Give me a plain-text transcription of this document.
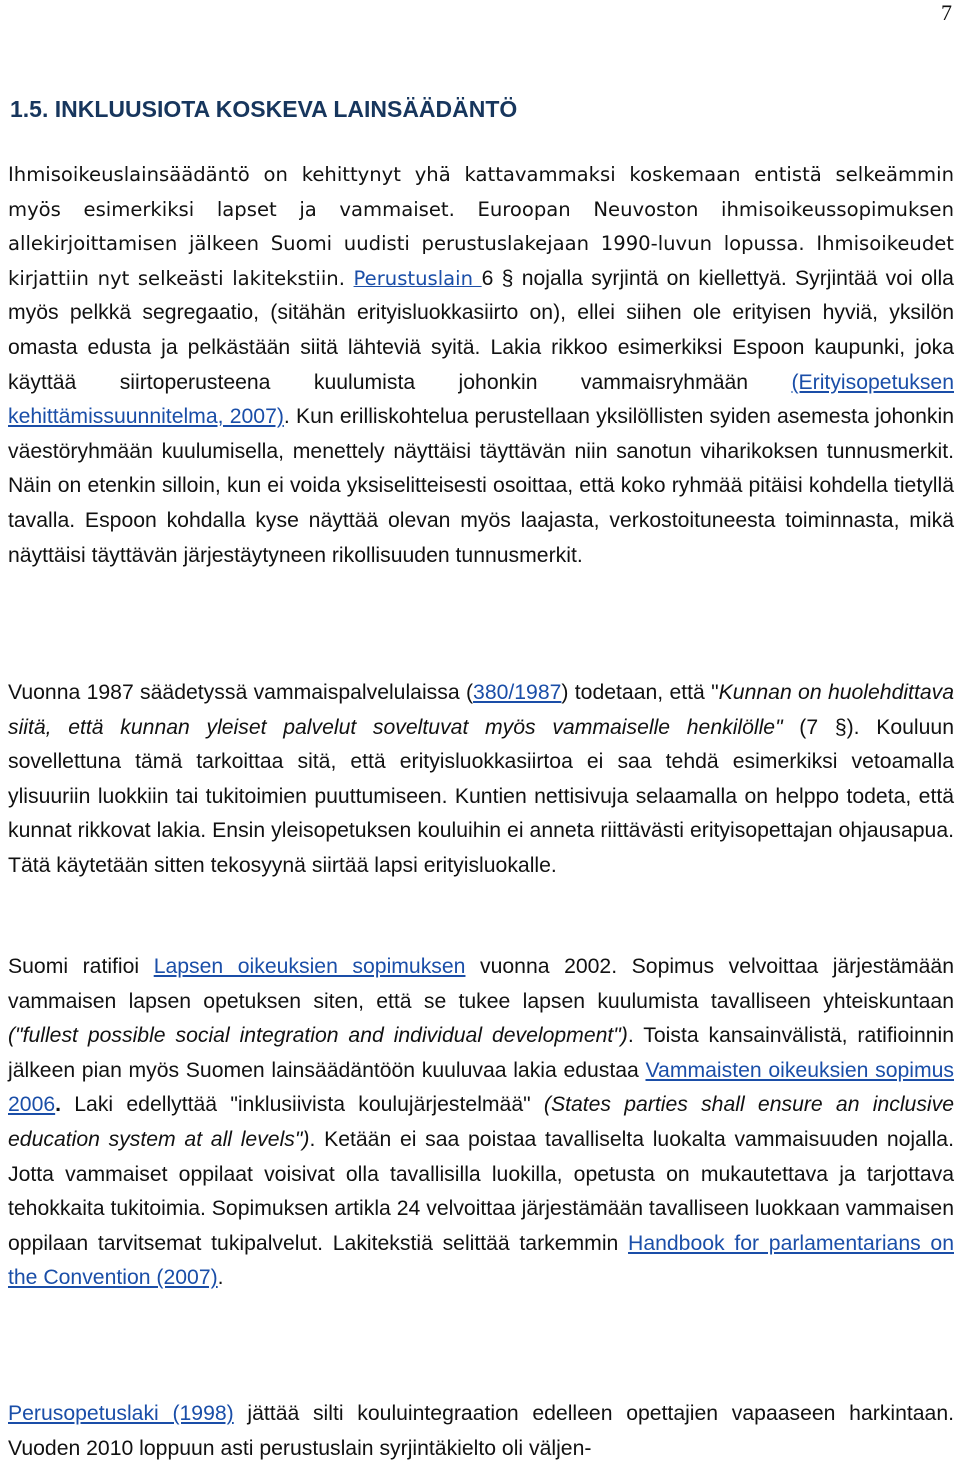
7
1.5. INKLUUSIOTA KOSKEVA LAINSÄÄDÄNTÖ

Ihmisoikeuslainsäädäntö on kehittynyt yhä kattavammaksi koskemaan entistä selkeämmin myös esimerkiksi lapset ja vammaiset. Euroopan Neuvoston ihmisoikeussopimuksen allekirjoittamisen jälkeen Suomi uudisti perustuslakejaan 1990-luvun lopussa. Ihmisoikeudet kirjattiin nyt selkeästi lakitekstiin. Perustuslain 6 § nojalla syrjintä on kiellettyä. Syrjintää voi olla myös pelkkä segregaatio, (sitähän erityisluokkasiirto on), ellei siihen ole erityisen hyviä, yksilön omasta edusta ja pelkästään siitä lähteviä syitä. Lakia rikkoo esimerkiksi Espoon kaupunki, joka käyttää siirtoperusteena kuulumista johonkin vammaisryhmään (Erityisopetuksen kehittämissuunnitelma, 2007). Kun erilliskohtelua perustellaan yksilöllisten syiden asemesta johonkin väestöryhmään kuulumisella, menettely näyttäisi täyttävän niin sanotun viharikoksen tunnusmerkit. Näin on etenkin silloin, kun ei voida yksiselitteisesti osoittaa, että koko ryhmää pitäisi kohdella tietyllä tavalla. Espoon kohdalla kyse näyttää olevan myös laajasta, verkostoituneesta toiminnasta, mikä näyttäisi täyttävän järjestäytyneen rikollisuuden tunnusmerkit.

Vuonna 1987 säädetyssä vammaispalvelulaissa (380/1987) todetaan, että "Kunnan on huolehdittava siitä, että kunnan yleiset palvelut soveltuvat myös vammaiselle henkilölle" (7 §). Kouluun sovellettuna tämä tarkoittaa sitä, että erityisluokkasiirtoa ei saa tehdä esimerkiksi vetoamalla ylisuuriin luokkiin tai tukitoimien puuttumiseen. Kuntien nettisivuja selaamalla on helppo todeta, että kunnat rikkovat lakia. Ensin yleisopetuksen kouluihin ei anneta riittävästi erityisopettajan ohjausapua. Tätä käytetään sitten tekosyynä siirtää lapsi erityisluokalle.

Suomi ratifioi Lapsen oikeuksien sopimuksen vuonna 2002. Sopimus velvoittaa järjestämään vammaisen lapsen opetuksen siten, että se tukee lapsen kuulumista tavalliseen yhteiskuntaan ("fullest possible social integration and individual development"). Toista kansainvälistä, ratifioinnin jälkeen pian myös Suomen lainsäädäntöön kuuluvaa lakia edustaa Vammaisten oikeuksien sopimus 2006. Laki edellyttää "inklusiivista koulujärjestelmää" (States parties shall ensure an inclusive education system at all levels"). Ketään ei saa poistaa tavalliselta luokalta vammaisuuden nojalla. Jotta vammaiset oppilaat voisivat olla tavallisilla luokilla, opetusta on mukautettava ja tarjottava tehokkaita tukitoimia. Sopimuksen artikla 24 velvoittaa järjestämään tavalliseen luokkaan vammaisen oppilaan tarvitsemat tukipalvelut. Lakitekstiä selittää tarkemmin Handbook for parlamentarians on the Convention (2007).

Perusopetuslaki (1998) jättää silti kouluintegraation edelleen opettajien vapaaseen harkintaan. Vuoden 2010 loppuun asti perustuslain syrjintäkielto oli väljen-
